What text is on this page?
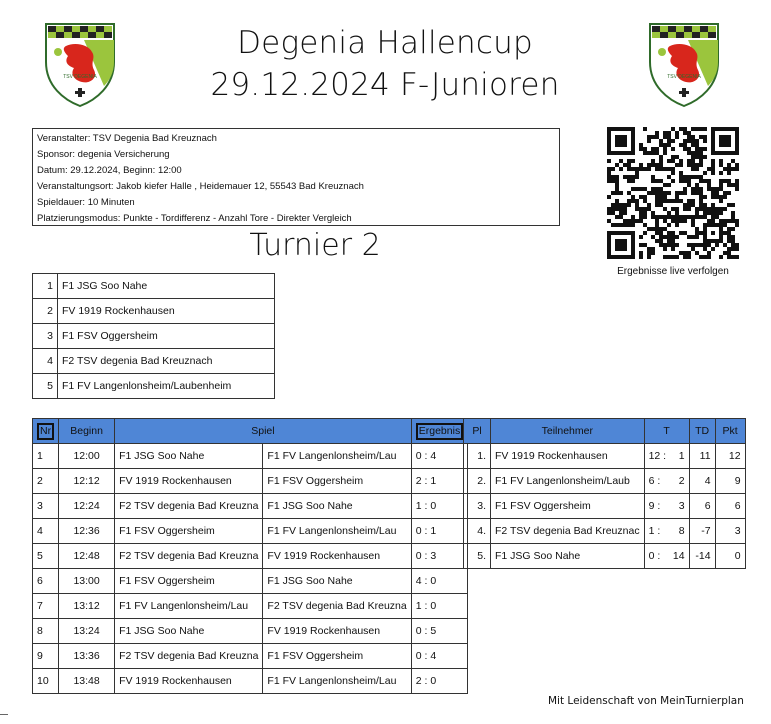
TSV DEGENIA	TSV DEGENIA
Degenia Hallencup
29.12.2024 F-Junioren
Veranstalter: TSV Degenia Bad Kreuznach
Sponsor: degenia Versicherung
Datum: 29.12.2024, Beginn: 12:00
Veranstaltungsort: Jakob kiefer Halle , Heidemauer 12, 55543 Bad Kreuznach
Spieldauer: 10 Minuten
Platzierungsmodus: Punkte - Tordifferenz - Anzahl Tore - Direkter Vergleich
Ergebnisse live verfolgen
Turnier 2
1	F1 JSG Soo Nahe
2	FV 1919 Rockenhausen
3	F1 FSV Oggersheim
4	F2 TSV degenia Bad Kreuznach
5	F1 FV Langenlonsheim/Laubenheim
Nr	Beginn	Spiel		Ergebnis
1	12:00	F1 JSG Soo Nahe	F1 FV Langenlonsheim/Lau	0 : 4
2	12:12	FV 1919 Rockenhausen	F1 FSV Oggersheim	2 : 1
3	12:24	F2 TSV degenia Bad Kreuzna	F1 JSG Soo Nahe	1 : 0
4	12:36	F1 FSV Oggersheim	F1 FV Langenlonsheim/Lau	0 : 1
5	12:48	F2 TSV degenia Bad Kreuzna	FV 1919 Rockenhausen	0 : 3
6	13:00	F1 FSV Oggersheim	F1 JSG Soo Nahe	4 : 0
7	13:12	F1 FV Langenlonsheim/Lau	F2 TSV degenia Bad Kreuzna	1 : 0
8	13:24	F1 JSG Soo Nahe	FV 1919 Rockenhausen	0 : 5
9	13:36	F2 TSV degenia Bad Kreuzna	F1 FSV Oggersheim	0 : 4
10	13:48	FV 1919 Rockenhausen	F1 FV Langenlonsheim/Lau	2 : 0
Pl	Teilnehmer	T		TD	Pkt
1.	FV 1919 Rockenhausen	12 :	1	11	12
2.	F1 FV Langenlonsheim/Laub	6 :	2	4	9
3.	F1 FSV Oggersheim	9 :	3	6	6
4.	F2 TSV degenia Bad Kreuznac	1 :	8	-7	3
5.	F1 JSG Soo Nahe	0 :	14	-14	0
Mit Leidenschaft von MeinTurnierplan
